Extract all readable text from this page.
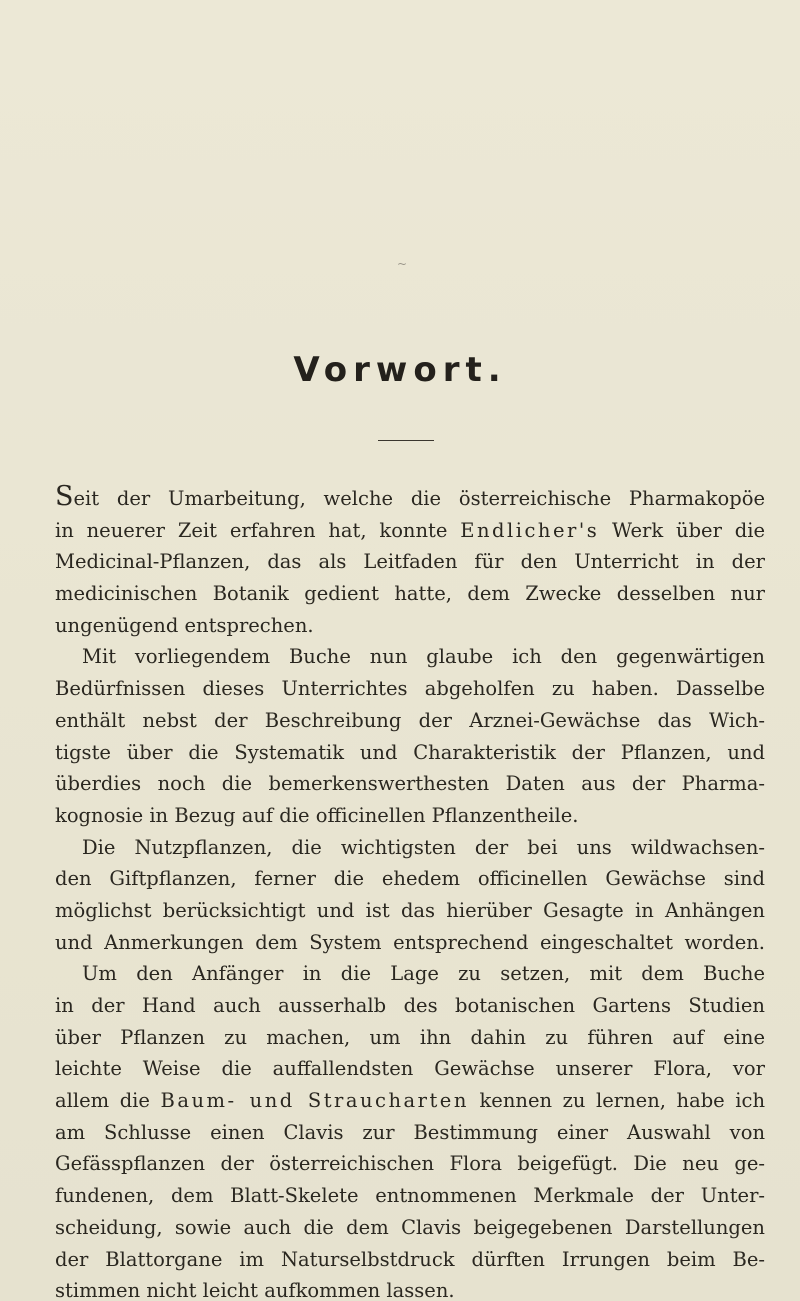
~
Vorwort.
Seit der Umarbeitung, welche die österreichische Pharmakopöe
in neuerer Zeit erfahren hat, konnte Endlicher's Werk über die
Medicinal-Pflanzen, das als Leitfaden für den Unterricht in der
medicinischen Botanik gedient hatte, dem Zwecke desselben nur
ungenügend entsprechen.
Mit vorliegendem Buche nun glaube ich den gegenwärtigen
Bedürfnissen dieses Unterrichtes abgeholfen zu haben. Dasselbe
enthält nebst der Beschreibung der Arznei-Gewächse das Wich-
tigste über die Systematik und Charakteristik der Pflanzen, und
überdies noch die bemerkenswerthesten Daten aus der Pharma-
kognosie in Bezug auf die officinellen Pflanzentheile.
Die Nutzpflanzen, die wichtigsten der bei uns wildwachsen-
den Giftpflanzen, ferner die ehedem officinellen Gewächse sind
möglichst berücksichtigt und ist das hierüber Gesagte in Anhängen
und Anmerkungen dem System entsprechend eingeschaltet worden.
Um den Anfänger in die Lage zu setzen, mit dem Buche
in der Hand auch ausserhalb des botanischen Gartens Studien
über Pflanzen zu machen, um ihn dahin zu führen auf eine
leichte Weise die auffallendsten Gewächse unserer Flora, vor
allem die Baum- und Straucharten kennen zu lernen, habe ich
am Schlusse einen Clavis zur Bestimmung einer Auswahl von
Gefässpflanzen der österreichischen Flora beigefügt. Die neu ge-
fundenen, dem Blatt-Skelete entnommenen Merkmale der Unter-
scheidung, sowie auch die dem Clavis beigegebenen Darstellungen
der Blattorgane im Naturselbstdruck dürften Irrungen beim Be-
stimmen nicht leicht aufkommen lassen.
